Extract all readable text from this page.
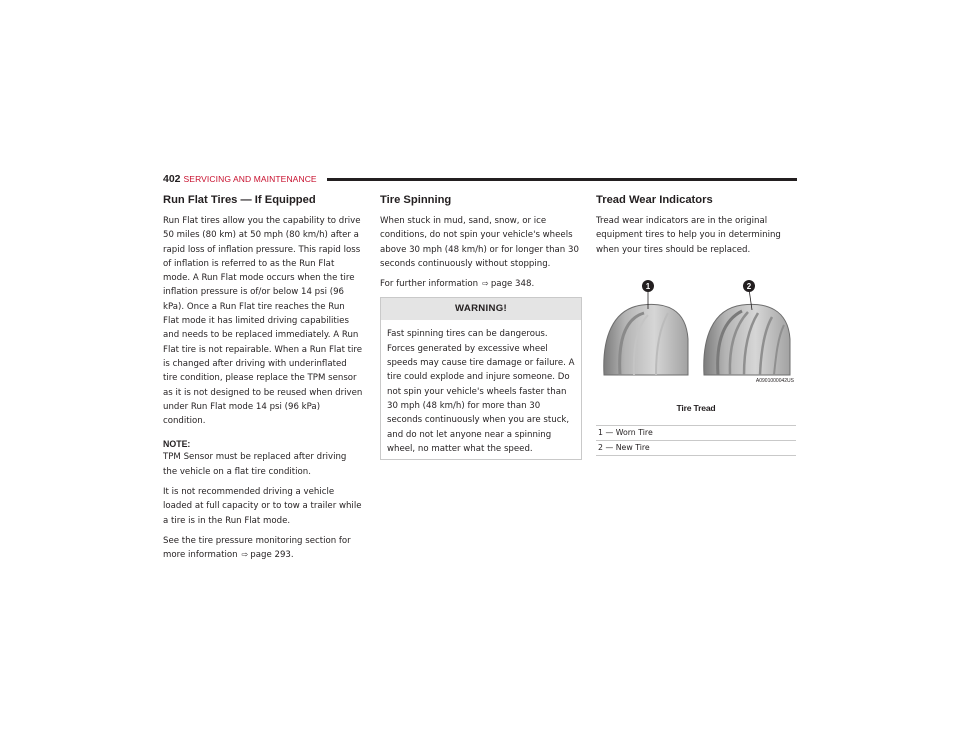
402 SERVICING AND MAINTENANCE
Run Flat Tires — If Equipped

Run Flat tires allow you the capability to drive 50 miles (80 km) at 50 mph (80 km/h) after a rapid loss of inflation pressure. This rapid loss of inflation is referred to as the Run Flat mode. A Run Flat mode occurs when the tire inflation pressure is of/or below 14 psi (96 kPa). Once a Run Flat tire reaches the Run Flat mode it has limited driving capabilities and needs to be replaced immediately. A Run Flat tire is not repairable. When a Run Flat tire is changed after driving with underinflated tire condition, please replace the TPM sensor as it is not designed to be reused when driven under Run Flat mode 14 psi (96 kPa) condition.

NOTE:

TPM Sensor must be replaced after driving the vehicle on a flat tire condition.

It is not recommended driving a vehicle loaded at full capacity or to tow a trailer while a tire is in the Run Flat mode.

See the tire pressure monitoring section for more information ⇨ page 293.

Tire Spinning

When stuck in mud, sand, snow, or ice conditions, do not spin your vehicle's wheels above 30 mph (48 km/h) or for longer than 30 seconds continuously without stopping.

For further information ⇨ page 348.

WARNING!

Fast spinning tires can be dangerous. Forces generated by excessive wheel speeds may cause tire damage or failure. A tire could explode and injure someone. Do not spin your vehicle's wheels faster than 30 mph (48 km/h) for more than 30 seconds continuously when you are stuck, and do not let anyone near a spinning wheel, no matter what the speed.

Tread Wear Indicators

Tread wear indicators are in the original equipment tires to help you in determining when your tires should be replaced.

1	2
A0901000042US
Tire Tread
1 — Worn Tire
2 — New Tire
